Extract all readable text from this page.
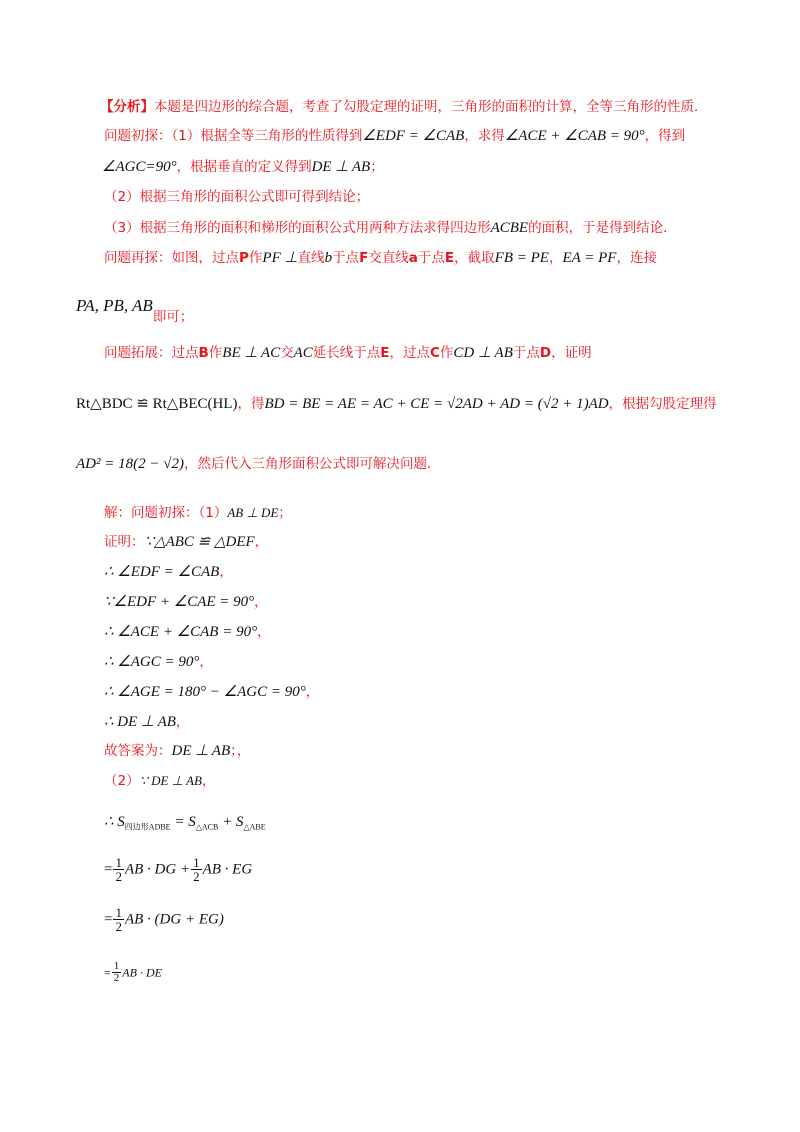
【分析】本题是四边形的综合题，考查了勾股定理的证明，三角形的面积的计算，全等三角形的性质．
问题初探：（1）根据全等三角形的性质得到∠EDF = ∠CAB，求得∠ACE + ∠CAB = 90°，得到
∠AGC=90°，根据垂直的定义得到DE ⊥ AB；
（2）根据三角形的面积公式即可得到结论；
（3）根据三角形的面积和梯形的面积公式用两种方法求得四边形ACBE的面积，于是得到结论．
问题再探：如图，过点P作PF ⊥直线b于点F交直线a于点E，截取FB = PE，EA = PF，连接
PA, PB, AB即可；
问题拓展：过点B作BE ⊥ AC交AC延长线于点E，过点C作CD ⊥ AB于点D，证明
Rt△BDC ≌ Rt△BEC(HL)，得BD = BE = AE = AC + CE = √2AD + AD = (√2 + 1)AD，根据勾股定理得
AD² = 18(2 − √2)，然后代入三角形面积公式即可解决问题．
解：问题初探：（1）AB ⊥ DE；
证明：∵△ABC ≌ △DEF，
∴ ∠EDF = ∠CAB，
∵∠EDF + ∠CAE = 90°，
∴ ∠ACE + ∠CAB = 90°，
∴ ∠AGC = 90°，
∴ ∠AGE = 180° − ∠AGC = 90°，
∴ DE ⊥ AB，
故答案为：DE ⊥ AB；，
（2）∵ DE ⊥ AB，
∴ $S_{四边形ADBE} = S_{\triangle ACB} + S_{\triangle ABE}$
= $\frac{1}{2}$ AB · DG + $\frac{1}{2}$ AB · EG
= $\frac{1}{2}$ AB · (DG + EG)
= $\frac{1}{2}$ AB · DE
